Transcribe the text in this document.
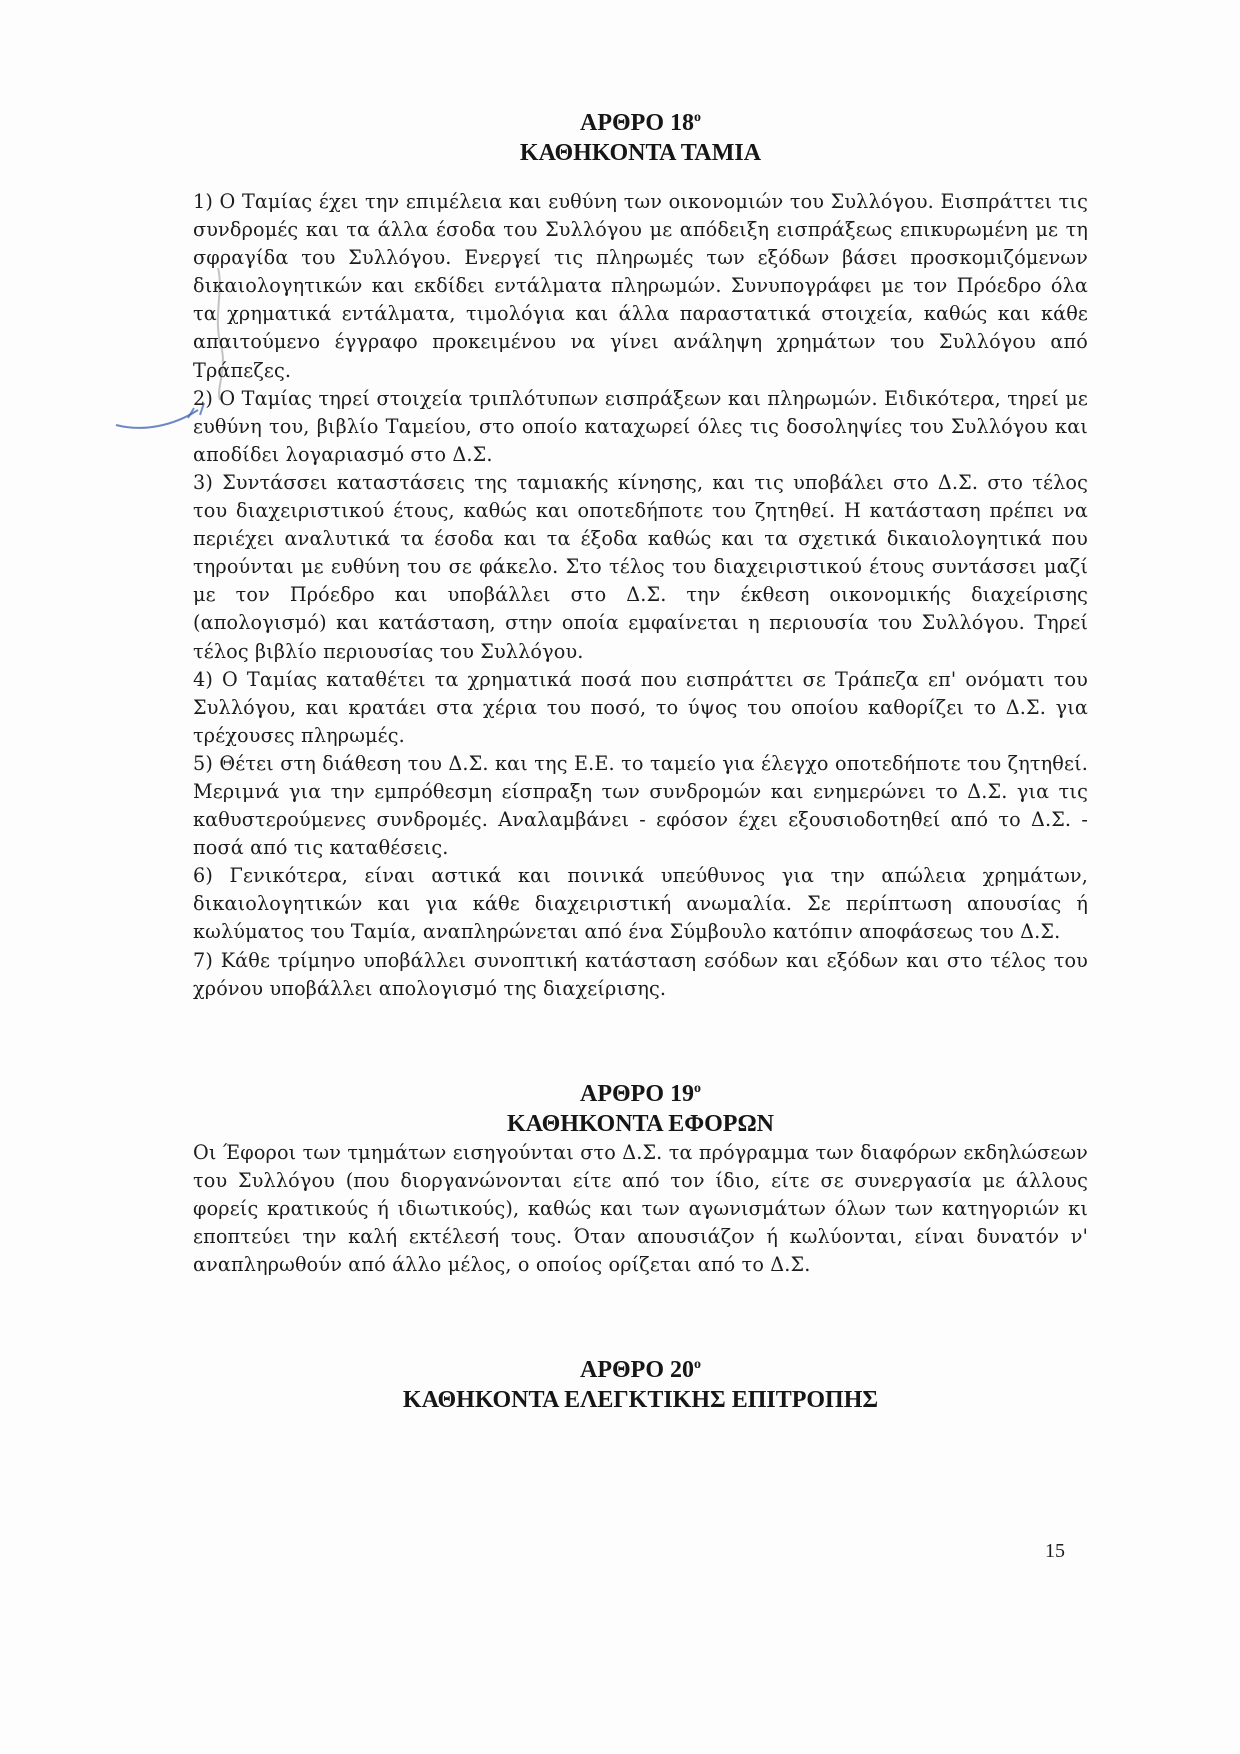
ΑΡΘΡΟ $18^o$
ΚΑΘΗΚΟΝΤΑ ΤΑΜΙΑ

1) Ο Ταμίας έχει την επιμέλεια και ευθύνη των οικονομιών του Συλλόγου. Εισπράττει τις συνδρομές και τα άλλα έσοδα του Συλλόγου με απόδειξη εισπράξεως επικυρωμένη με τη σφραγίδα του Συλλόγου. Ενεργεί τις πληρωμές των εξόδων βάσει προσκομιζόμενων δικαιολογητικών και εκδίδει εντάλματα πληρωμών. Συνυπογράφει με τον Πρόεδρο όλα τα χρηματικά εντάλματα, τιμολόγια και άλλα παραστατικά στοιχεία, καθώς και κάθε απαιτούμενο έγγραφο προκειμένου να γίνει ανάληψη χρημάτων του Συλλόγου από Τράπεζες.

2) Ο Ταμίας τηρεί στοιχεία τριπλότυπων εισπράξεων και πληρωμών. Ειδικότερα, τηρεί με ευθύνη του, βιβλίο Ταμείου, στο οποίο καταχωρεί όλες τις δοσοληψίες του Συλλόγου και αποδίδει λογαριασμό στο Δ.Σ.

3) Συντάσσει καταστάσεις της ταμιακής κίνησης, και τις υποβάλει στο Δ.Σ. στο τέλος του διαχειριστικού έτους, καθώς και οποτεδήποτε του ζητηθεί. Η κατάσταση πρέπει να περιέχει αναλυτικά τα έσοδα και τα έξοδα καθώς και τα σχετικά δικαιολογητικά που τηρούνται με ευθύνη του σε φάκελο. Στο τέλος του διαχειριστικού έτους συντάσσει μαζί με τον Πρόεδρο και υποβάλλει στο Δ.Σ. την έκθεση οικονομικής διαχείρισης (απολογισμό) και κατάσταση, στην οποία εμφαίνεται η περιουσία του Συλλόγου. Τηρεί τέλος βιβλίο περιουσίας του Συλλόγου.

4) Ο Ταμίας καταθέτει τα χρηματικά ποσά που εισπράττει σε Τράπεζα επ' ονόματι του Συλλόγου, και κρατάει στα χέρια του ποσό, το ύψος του οποίου καθορίζει το Δ.Σ. για τρέχουσες πληρωμές.

5) Θέτει στη διάθεση του Δ.Σ. και της Ε.Ε. το ταμείο για έλεγχο οποτεδήποτε του ζητηθεί. Μεριμνά για την εμπρόθεσμη είσπραξη των συνδρομών και ενημερώνει το Δ.Σ. για τις καθυστερούμενες συνδρομές. Αναλαμβάνει - εφόσον έχει εξουσιοδοτηθεί από το Δ.Σ. - ποσά από τις καταθέσεις.

6) Γενικότερα, είναι αστικά και ποινικά υπεύθυνος για την απώλεια χρημάτων, δικαιολογητικών και για κάθε διαχειριστική ανωμαλία. Σε περίπτωση απουσίας ή κωλύματος του Ταμία, αναπληρώνεται από ένα Σύμβουλο κατόπιν αποφάσεως του Δ.Σ.

7) Κάθε τρίμηνο υποβάλλει συνοπτική κατάσταση εσόδων και εξόδων και στο τέλος του χρόνου υποβάλλει απολογισμό της διαχείρισης.

ΑΡΘΡΟ $19^o$
ΚΑΘΗΚΟΝΤΑ ΕΦΟΡΩΝ

Οι Έφοροι των τμημάτων εισηγούνται στο Δ.Σ. τα πρόγραμμα των διαφόρων εκδηλώσεων του Συλλόγου (που διοργανώνονται είτε από τον ίδιο, είτε σε συνεργασία με άλλους φορείς κρατικούς ή ιδιωτικούς), καθώς και των αγωνισμάτων όλων των κατηγοριών κι εποπτεύει την καλή εκτέλεσή τους. Όταν απουσιάζον ή κωλύονται, είναι δυνατόν ν' αναπληρωθούν από άλλο μέλος, ο οποίος ορίζεται από το Δ.Σ.

ΑΡΘΡΟ $20^o$
ΚΑΘΗΚΟΝΤΑ ΕΛΕΓΚΤΙΚΗΣ ΕΠΙΤΡΟΠΗΣ
15
